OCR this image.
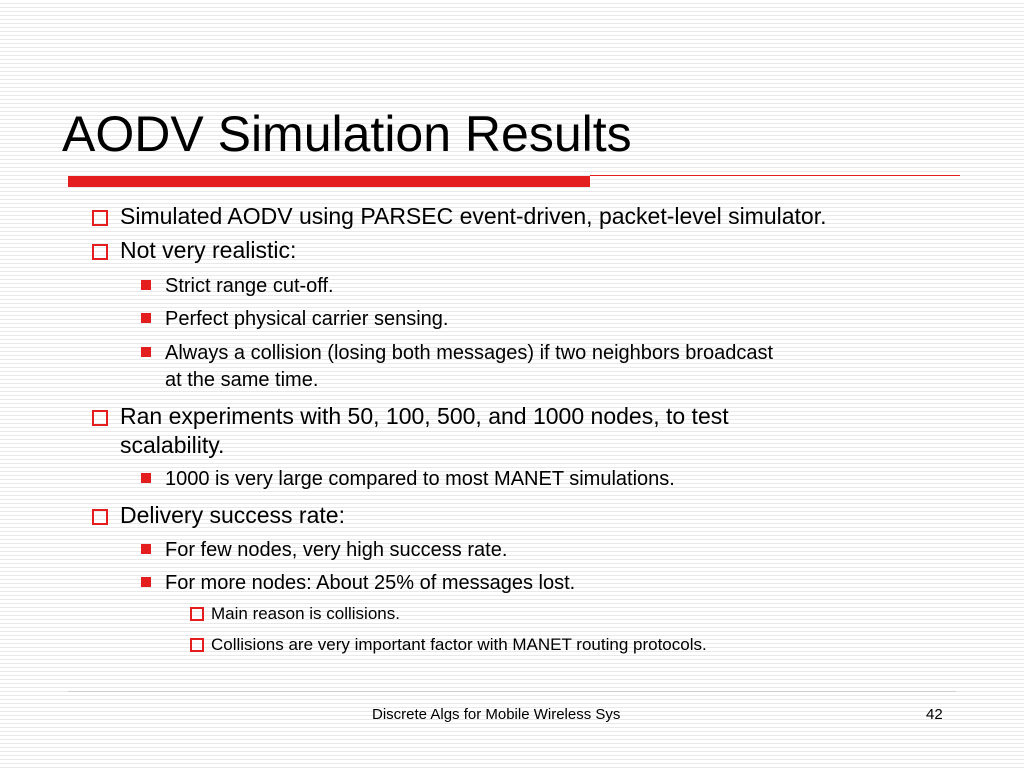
AODV Simulation Results
Simulated AODV using PARSEC event-driven, packet-level simulator.
Not very realistic:
Strict range cut-off.
Perfect physical carrier sensing.
Always a collision (losing both messages) if two neighbors broadcast
at the same time.
Ran experiments with 50, 100, 500, and 1000 nodes, to test
scalability.
1000 is very large compared to most MANET simulations.
Delivery success rate:
For few nodes, very high success rate.
For more nodes: About 25% of messages lost.
Main reason is collisions.
Collisions are very important factor with MANET routing protocols.
Discrete Algs for Mobile Wireless Sys	42
